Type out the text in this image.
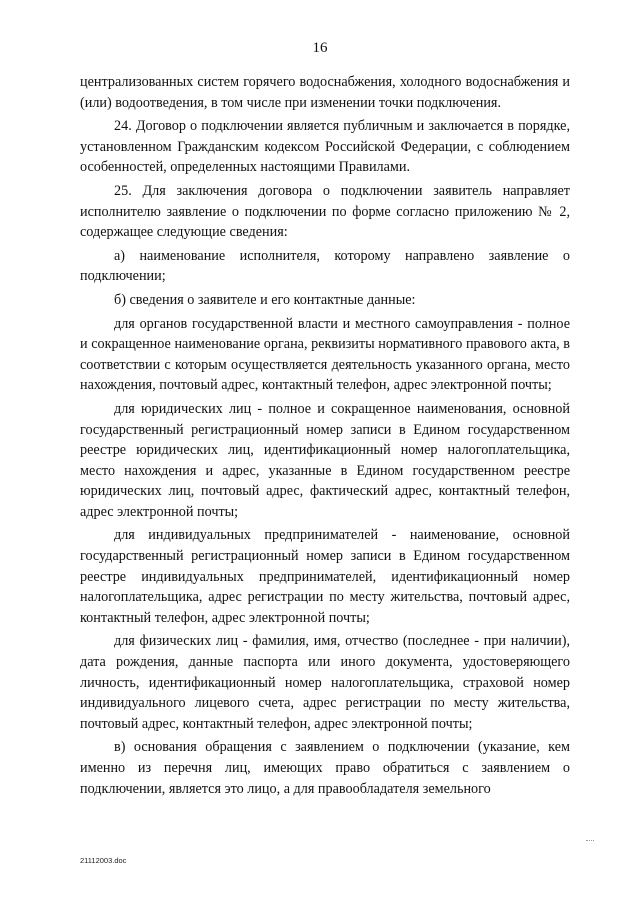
16

централизованных систем горячего водоснабжения, холодного водоснабжения и (или) водоотведения, в том числе при изменении точки подключения.

24. Договор о подключении является публичным и заключается в порядке, установленном Гражданским кодексом Российской Федерации, с соблюдением особенностей, определенных настоящими Правилами.

25. Для заключения договора о подключении заявитель направляет исполнителю заявление о подключении по форме согласно приложению № 2, содержащее следующие сведения:

а) наименование исполнителя, которому направлено заявление о подключении;

б) сведения о заявителе и его контактные данные:

для органов государственной власти и местного самоуправления - полное и сокращенное наименование органа, реквизиты нормативного правового акта, в соответствии с которым осуществляется деятельность указанного органа, место нахождения, почтовый адрес, контактный телефон, адрес электронной почты;

для юридических лиц - полное и сокращенное наименования, основной государственный регистрационный номер записи в Едином государственном реестре юридических лиц, идентификационный номер налогоплательщика, место нахождения и адрес, указанные в Едином государственном реестре юридических лиц, почтовый адрес, фактический адрес, контактный телефон, адрес электронной почты;

для индивидуальных предпринимателей - наименование, основной государственный регистрационный номер записи в Едином государственном реестре индивидуальных предпринимателей, идентификационный номер налогоплательщика, адрес регистрации по месту жительства, почтовый адрес, контактный телефон, адрес электронной почты;

для физических лиц - фамилия, имя, отчество (последнее - при наличии), дата рождения, данные паспорта или иного документа, удостоверяющего личность, идентификационный номер налогоплательщика, страховой номер индивидуального лицевого счета, адрес регистрации по месту жительства, почтовый адрес, контактный телефон, адрес электронной почты;

в) основания обращения с заявлением о подключении (указание, кем именно из перечня лиц, имеющих право обратиться с заявлением о подключении, является это лицо, а для правообладателя земельного

21112003.doc
